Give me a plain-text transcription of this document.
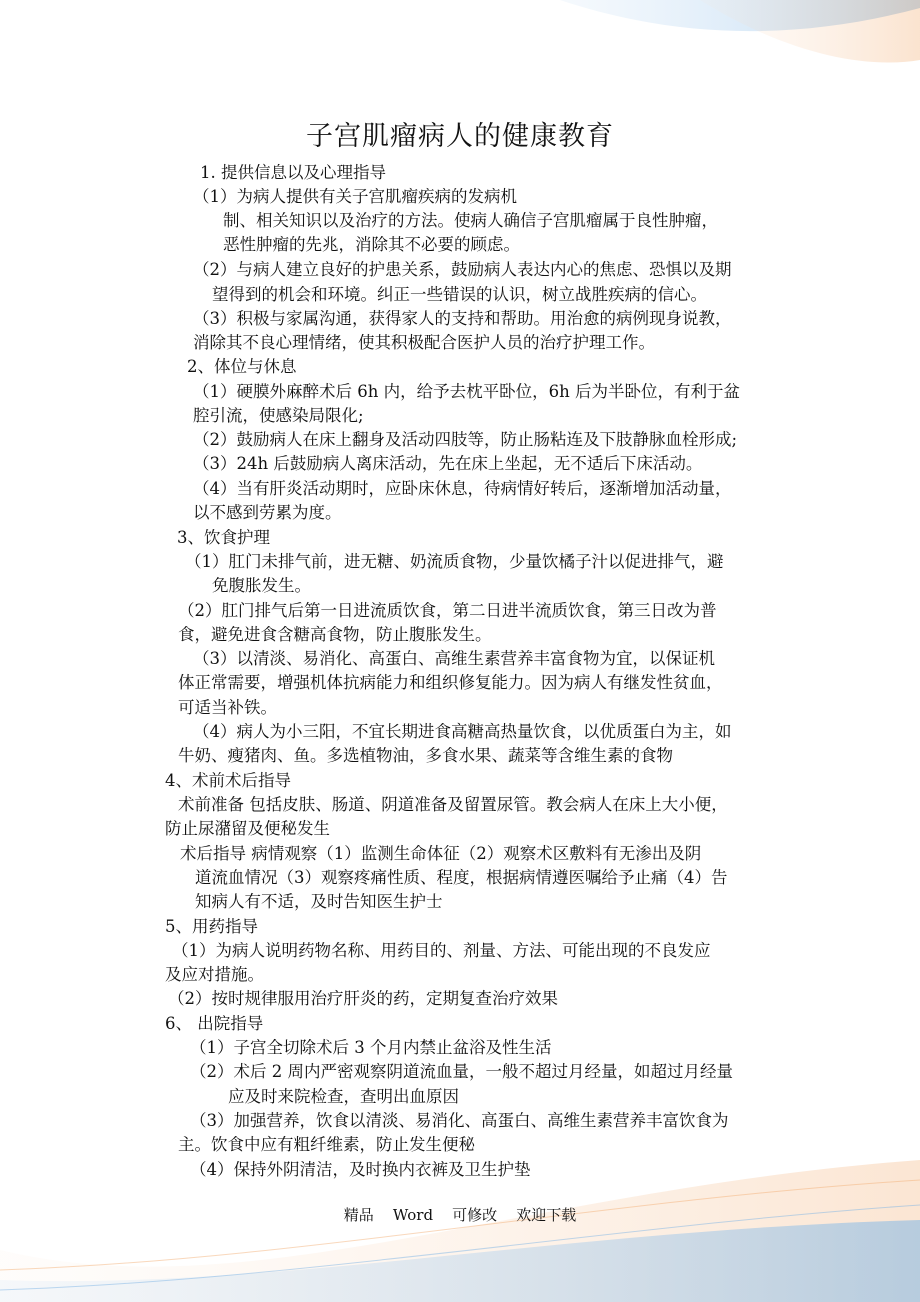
子宫肌瘤病人的健康教育
1. 提供信息以及心理指导
（1）为病人提供有关子宫肌瘤疾病的发病机
制、相关知识以及治疗的方法。使病人确信子宫肌瘤属于良性肿瘤，
恶性肿瘤的先兆，消除其不必要的顾虑。
（2）与病人建立良好的护患关系，鼓励病人表达内心的焦虑、恐惧以及期
望得到的机会和环境。纠正一些错误的认识，树立战胜疾病的信心。
（3）积极与家属沟通，获得家人的支持和帮助。用治愈的病例现身说教，
消除其不良心理情绪，使其积极配合医护人员的治疗护理工作。
2、体位与休息
（1）硬膜外麻醉术后 6h 内，给予去枕平卧位，6h 后为半卧位，有利于盆
腔引流，使感染局限化;
（2）鼓励病人在床上翻身及活动四肢等，防止肠粘连及下肢静脉血栓形成;
（3）24h 后鼓励病人离床活动，先在床上坐起，无不适后下床活动。
（4）当有肝炎活动期时，应卧床休息，待病情好转后，逐渐增加活动量，
以不感到劳累为度。
3、饮食护理
（1）肛门未排气前，进无糖、奶流质食物，少量饮橘子汁以促进排气，避
免腹胀发生。
（2）肛门排气后第一日进流质饮食，第二日进半流质饮食，第三日改为普
食，避免进食含糖高食物，防止腹胀发生。
（3）以清淡、易消化、高蛋白、高维生素营养丰富食物为宜，以保证机
体正常需要，增强机体抗病能力和组织修复能力。因为病人有继发性贫血，
可适当补铁。
（4）病人为小三阳，不宜长期进食高糖高热量饮食，以优质蛋白为主，如
牛奶、瘦猪肉、鱼。多选植物油，多食水果、蔬菜等含维生素的食物
4、术前术后指导
术前准备 包括皮肤、肠道、阴道准备及留置尿管。教会病人在床上大小便，
防止尿潴留及便秘发生
术后指导 病情观察（1）监测生命体征（2）观察术区敷料有无渗出及阴
道流血情况（3）观察疼痛性质、程度，根据病情遵医嘱给予止痛（4）告
知病人有不适，及时告知医生护士
5、用药指导
（1）为病人说明药物名称、用药目的、剂量、方法、可能出现的不良发应
及应对措施。
（2）按时规律服用治疗肝炎的药，定期复查治疗效果
6、 出院指导
（1）子宫全切除术后 3 个月内禁止盆浴及性生活
（2）术后 2 周内严密观察阴道流血量，一般不超过月经量，如超过月经量
应及时来院检查，查明出血原因
（3）加强营养，饮食以清淡、易消化、高蛋白、高维生素营养丰富饮食为
主。饮食中应有粗纤维素，防止发生便秘
（4）保持外阴清洁，及时换内衣裤及卫生护垫
精品    Word    可修改    欢迎下载
